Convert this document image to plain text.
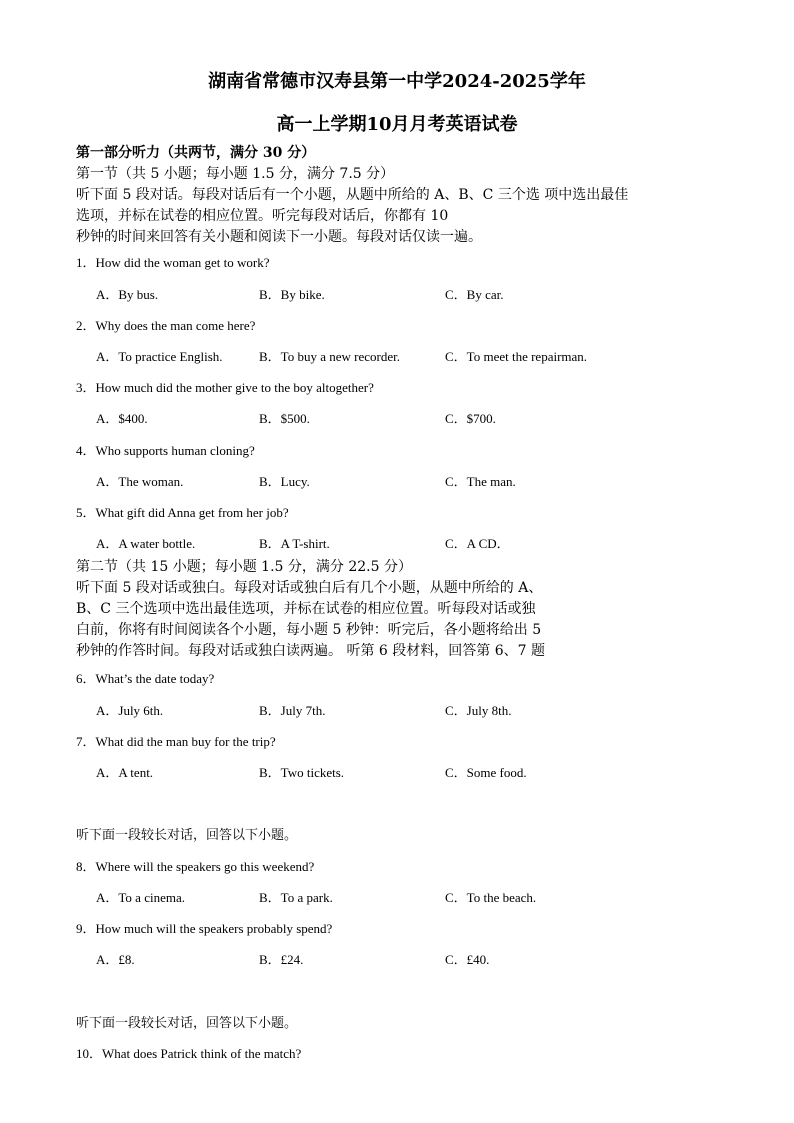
湖南省常德市汉寿县第一中学2024-2025学年
高一上学期10月月考英语试卷
第一部分听力（共两节，满分 30 分）
第一节（共 5 小题；每小题 1.5 分，满分 7.5 分）
听下面 5 段对话。每段对话后有一个小题，从题中所给的 A、B、C 三个选 项中选出最佳
选项，并标在试卷的相应位置。听完每段对话后，你都有 10
秒钟的时间来回答有关小题和阅读下一小题。每段对话仅读一遍。
1．How did the woman get to work?
A．By bus.	B．By bike.	C．By car.
2．Why does the man come here?
A．To practice English.	B．To buy a new recorder.	C．To meet the repairman.
3．How much did the mother give to the boy altogether?
A．$400.	B．$500.	C．$700.
4．Who supports human cloning?
A．The woman.	B．Lucy.	C．The man.
5．What gift did Anna get from her job?
A．A water bottle.	B．A T-shirt.	C．A CD．
第二节（共 15 小题；每小题 1.5 分，满分 22.5 分）
听下面 5 段对话或独白。每段对话或独白后有几个小题，从题中所给的 A、
B、C 三个选项中选出最佳选项，并标在试卷的相应位置。听每段对话或独
白前，你将有时间阅读各个小题，每小题 5 秒钟：听完后，各小题将给出 5
秒钟的作答时间。每段对话或独白读两遍。 听第 6 段材料，回答第 6、7 题
6．What’s the date today?
A．July 6th.	B．July 7th.	C．July 8th.
7．What did the man buy for the trip?
A．A tent.	B．Two tickets.	C．Some food.
听下面一段较长对话，回答以下小题。
8．Where will the speakers go this weekend?
A．To a cinema.	B．To a park.	C．To the beach.
9．How much will the speakers probably spend?
A．£8.	B．£24.	C．£40.
听下面一段较长对话，回答以下小题。
10．What does Patrick think of the match?
